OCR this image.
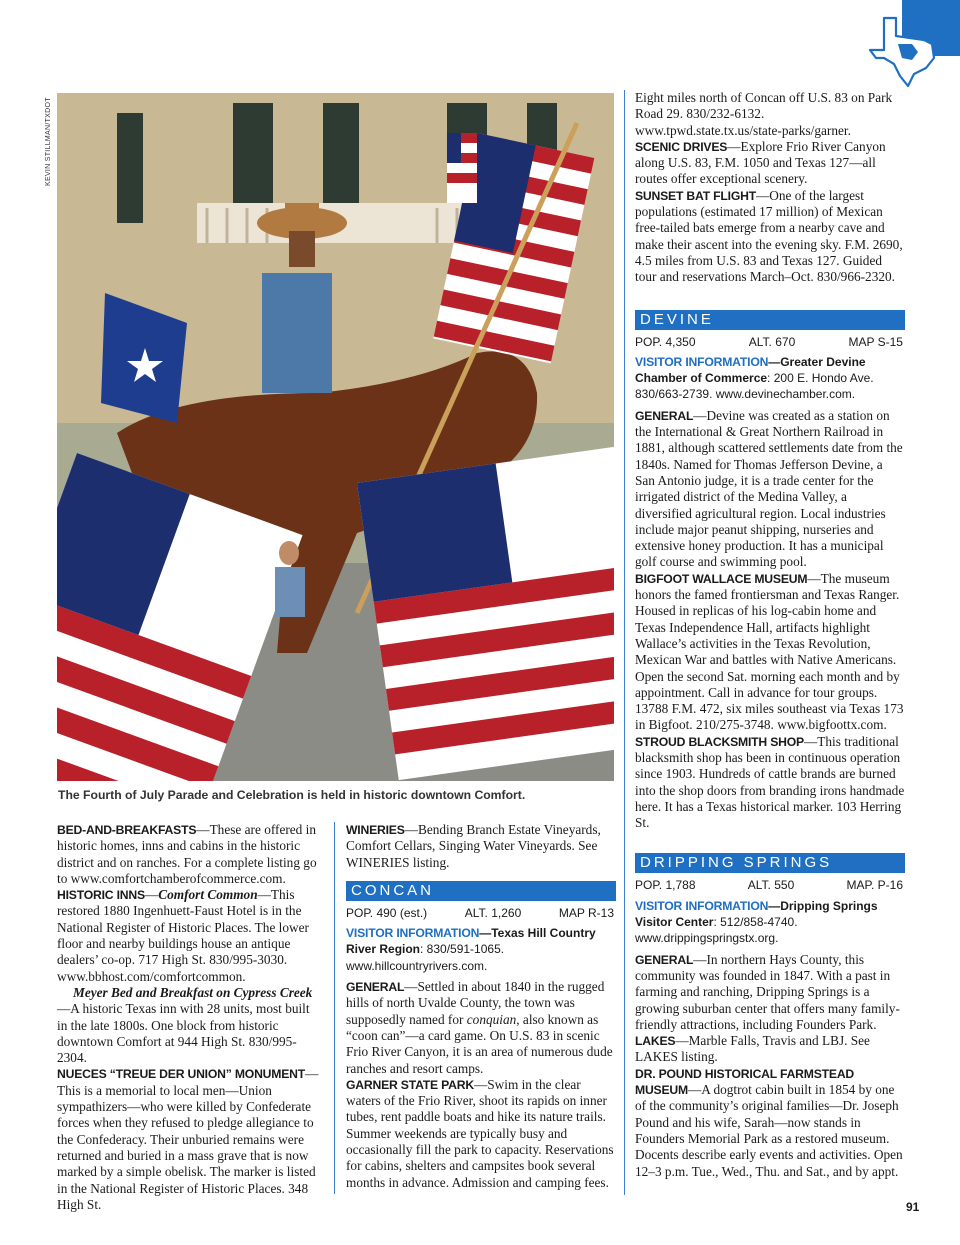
KEVIN STILLMAN/TXDOT
The Fourth of July Parade and Celebration is held in historic downtown Comfort.

BED-AND-BREAKFASTS—These are offered in historic homes, inns and cabins in the historic district and on ranches. For a complete listing go to www.comfortchamberofcommerce.com.

HISTORIC INNS—Comfort Common—This restored 1880 Ingenhuett-Faust Hotel is in the National Register of Historic Places. The lower floor and nearby buildings house an antique dealers’ co-op. 717 High St. 830/995-3030. www.bbhost.com/comfortcommon.

Meyer Bed and Breakfast on Cypress Creek—A historic Texas inn with 28 units, most built in the late 1800s. One block from historic downtown Comfort at 944 High St. 830/995-2304.

NUECES “TREUE DER UNION” MONUMENT—This is a memorial to local men—Union sympathizers—who were killed by Confederate forces when they refused to pledge allegiance to the Confederacy. Their unburied remains were returned and buried in a mass grave that is now marked by a simple obelisk. The marker is listed in the National Register of Historic Places. 348 High St.

WINERIES—Bending Branch Estate Vineyards, Comfort Cellars, Singing Water Vineyards. See WINERIES listing.

CONCAN
POP. 490 (est.)	ALT. 1,260	MAP R-13

VISITOR INFORMATION—Texas Hill Country River Region: 830/591-1065. www.hillcountryrivers.com.

GENERAL—Settled in about 1840 in the rugged hills of north Uvalde County, the town was supposedly named for conquian, also known as “coon can”—a card game. On U.S. 83 in scenic Frio River Canyon, it is an area of numerous dude ranches and resort camps.

GARNER STATE PARK—Swim in the clear waters of the Frio River, shoot its rapids on inner tubes, rent paddle boats and hike its nature trails. Summer weekends are typically busy and occasionally fill the park to capacity. Reservations for cabins, shelters and campsites book several months in advance. Admission and camping fees.

Eight miles north of Concan off U.S. 83 on Park Road 29. 830/232-6132. www.tpwd.state.tx.us/state-parks/garner.

SCENIC DRIVES—Explore Frio River Canyon along U.S. 83, F.M. 1050 and Texas 127—all routes offer exceptional scenery.

SUNSET BAT FLIGHT—One of the largest populations (estimated 17 million) of Mexican free-tailed bats emerge from a nearby cave and make their ascent into the evening sky. F.M. 2690, 4.5 miles from U.S. 83 and Texas 127. Guided tour and reservations March–Oct. 830/966-2320.

DEVINE
POP. 4,350	ALT. 670	MAP S-15

VISITOR INFORMATION—Greater Devine Chamber of Commerce: 200 E. Hondo Ave. 830/663-2739. www.devinechamber.com.

GENERAL—Devine was created as a station on the International & Great Northern Railroad in 1881, although scattered settlements date from the 1840s. Named for Thomas Jefferson Devine, a San Antonio judge, it is a trade center for the irrigated district of the Medina Valley, a diversified agricultural region. Local industries include major peanut shipping, nurseries and extensive honey production. It has a municipal golf course and swimming pool.

BIGFOOT WALLACE MUSEUM—The museum honors the famed frontiersman and Texas Ranger. Housed in replicas of his log-cabin home and Texas Independence Hall, artifacts highlight Wallace’s activities in the Texas Revolution, Mexican War and battles with Native Americans. Open the second Sat. morning each month and by appointment. Call in advance for tour groups. 13788 F.M. 472, six miles southeast via Texas 173 in Bigfoot. 210/275-3748. www.bigfoottx.com.

STROUD BLACKSMITH SHOP—This traditional blacksmith shop has been in continuous operation since 1903. Hundreds of cattle brands are burned into the shop doors from branding irons handmade here. It has a Texas historical marker. 103 Herring St.

DRIPPING SPRINGS
POP. 1,788	ALT. 550	MAP. P-16

VISITOR INFORMATION—Dripping Springs Visitor Center: 512/858-4740. www.drippingspringstx.org.

GENERAL—In northern Hays County, this community was founded in 1847. With a past in farming and ranching, Dripping Springs is a growing suburban center that offers many family-friendly attractions, including Founders Park.

LAKES—Marble Falls, Travis and LBJ. See LAKES listing.

DR. POUND HISTORICAL FARMSTEAD MUSEUM—A dogtrot cabin built in 1854 by one of the community’s original families—Dr. Joseph Pound and his wife, Sarah—now stands in Founders Memorial Park as a restored museum. Docents describe early events and activities. Open 12–3 p.m. Tue., Wed., Thu. and Sat., and by appt.

91
